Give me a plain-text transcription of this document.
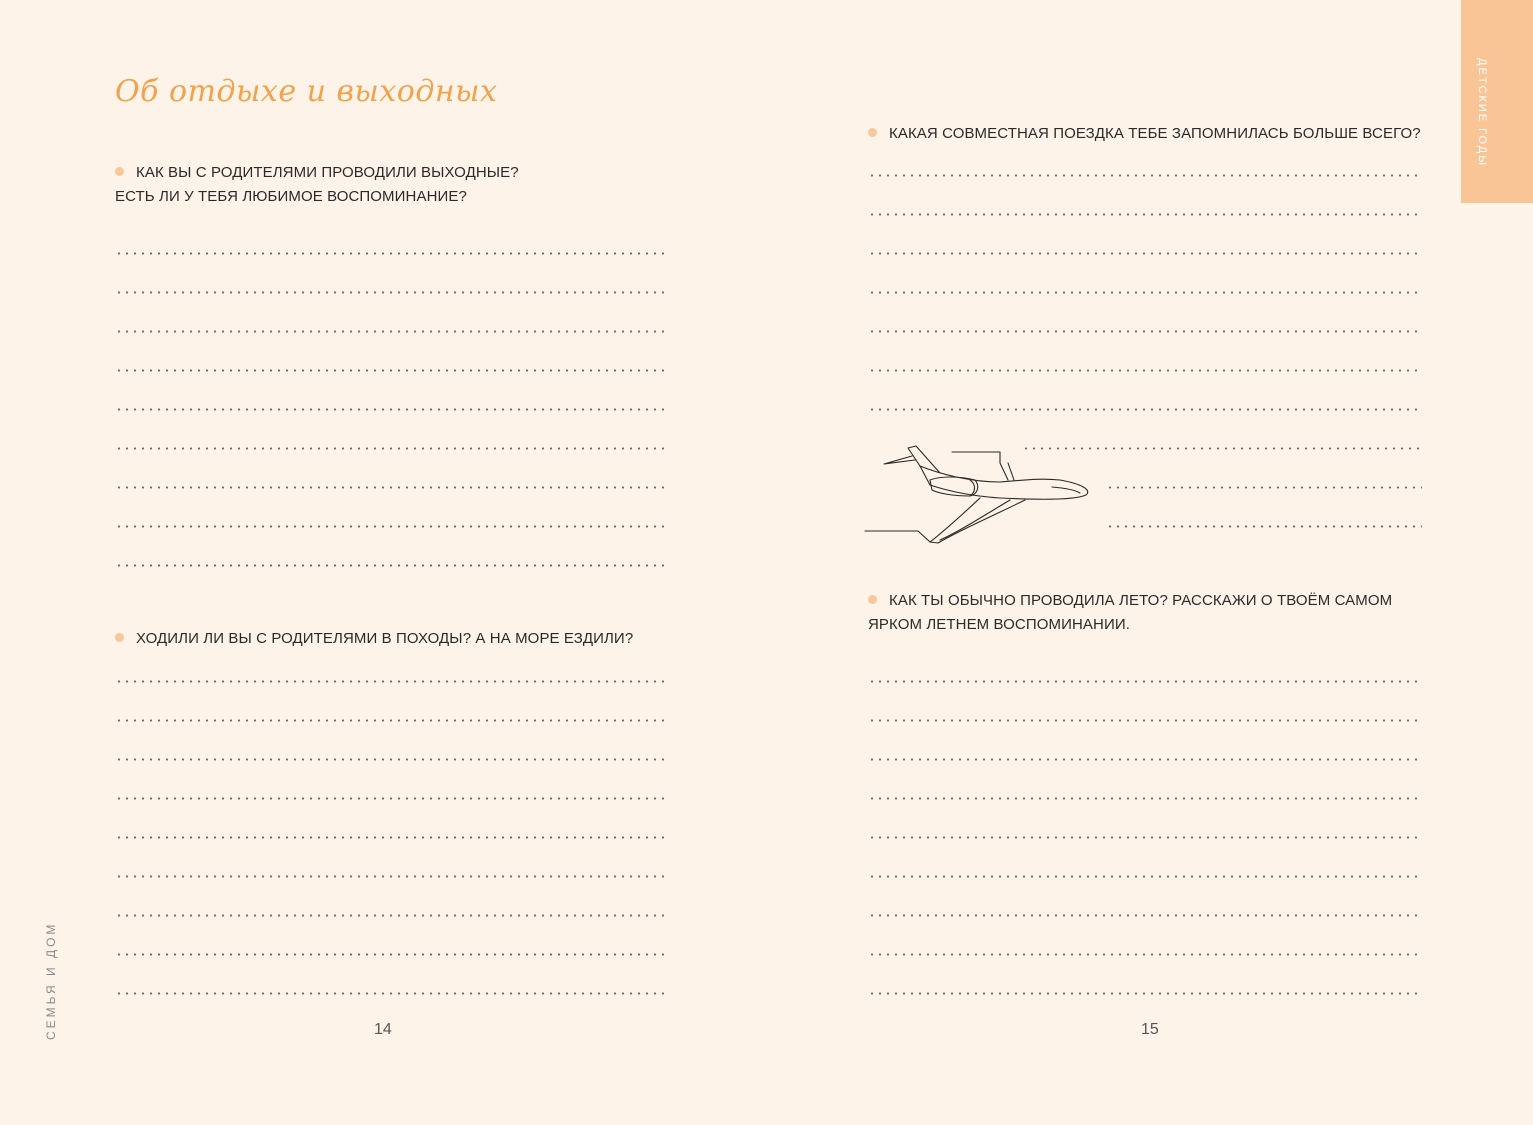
ДЕТСКИЕ ГОДЫ
СЕМЬЯ И ДОМ
Об отдыхе и выходных
КАК ВЫ С РОДИТЕЛЯМИ ПРОВОДИЛИ ВЫХОДНЫЕ?
ЕСТЬ ЛИ У ТЕБЯ ЛЮБИМОЕ ВОСПОМИНАНИЕ?
ХОДИЛИ ЛИ ВЫ С РОДИТЕЛЯМИ В ПОХОДЫ? А НА МОРЕ ЕЗДИЛИ?
14
КАКАЯ СОВМЕСТНАЯ ПОЕЗДКА ТЕБЕ ЗАПОМНИЛАСЬ БОЛЬШЕ ВСЕГО?
КАК ТЫ ОБЫЧНО ПРОВОДИЛА ЛЕТО? РАССКАЖИ О ТВОЁМ САМОМ
ЯРКОМ ЛЕТНЕМ ВОСПОМИНАНИИ.
15
